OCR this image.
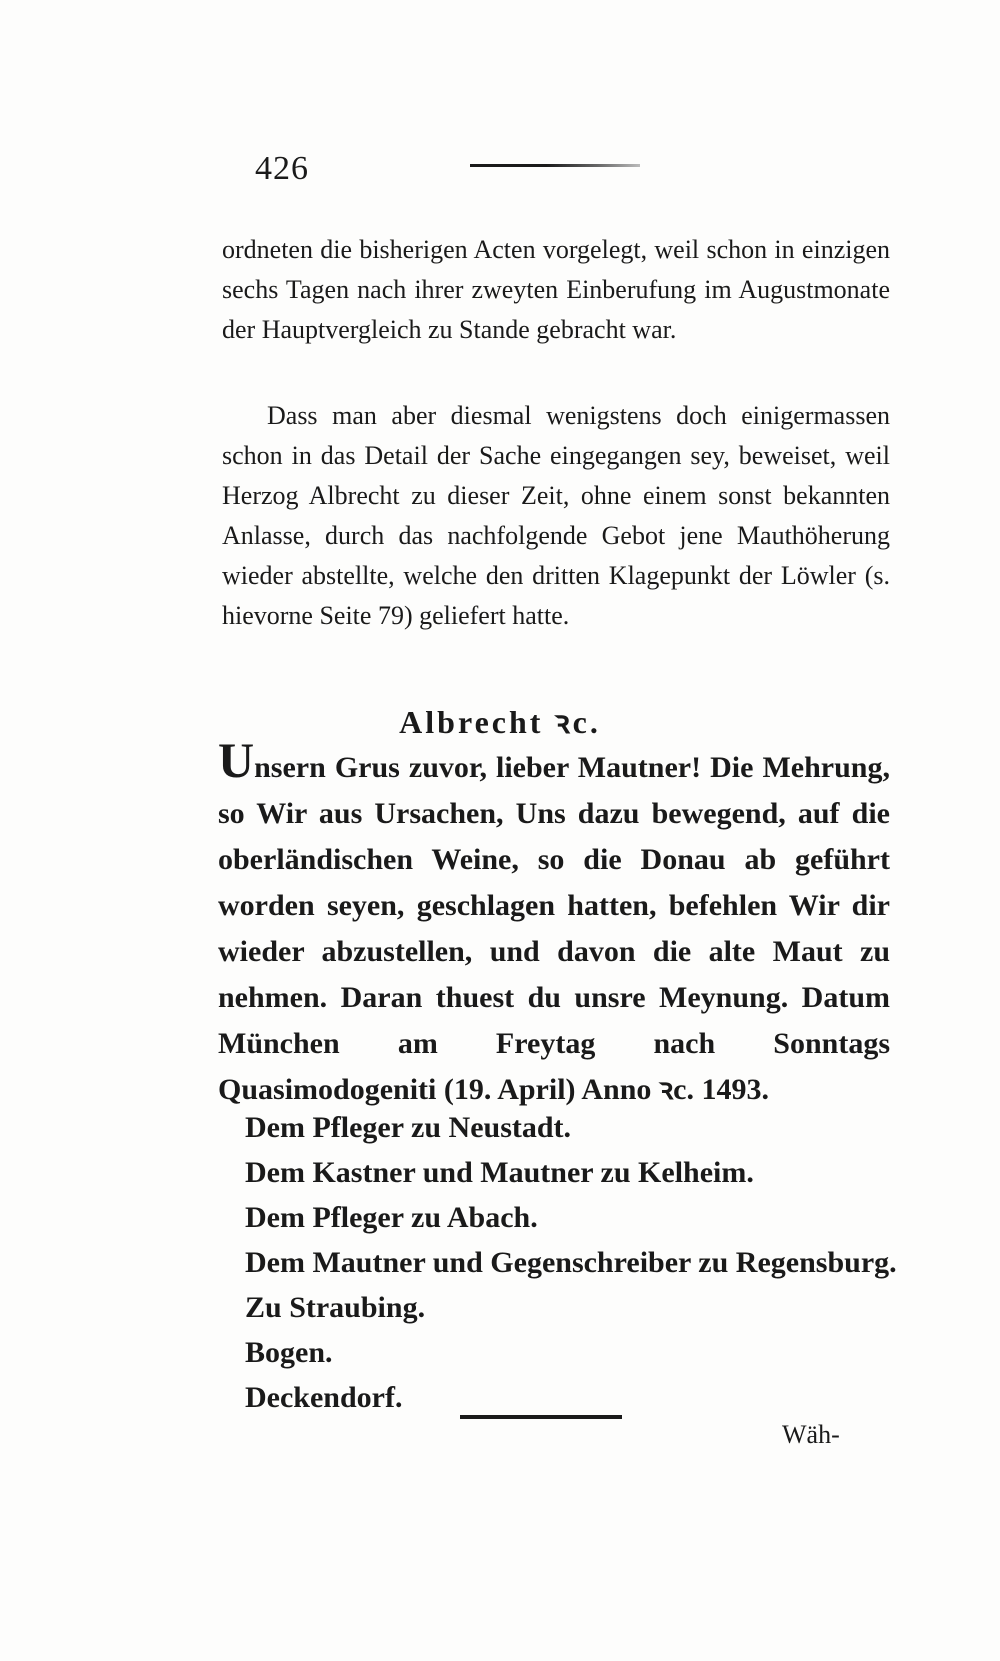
426

ordneten die bisherigen Acten vorgelegt, weil schon in einzigen sechs Tagen nach ihrer zweyten Einberufung im Augustmonate der Hauptvergleich zu Stande gebracht war.

Dass man aber diesmal wenigstens doch einigermassen schon in das Detail der Sache eingegangen sey, beweiset, weil Herzog Albrecht zu dieser Zeit, ohne einem sonst bekannten Anlasse, durch das nachfolgende Gebot jene Mauthöherung wieder abstellte, welche den dritten Klagepunkt der Löwler (s. hievorne Seite 79) geliefert hatte.

Albrecht ꝛc.

Unsern Grus zuvor, lieber Mautner! Die Mehrung, so Wir aus Ursachen, Uns dazu bewegend, auf die oberländischen Weine, so die Donau ab geführt worden seyen, geschlagen hatten, befehlen Wir dir wieder abzustellen, und davon die alte Maut zu nehmen. Daran thuest du unsre Meynung. Datum München am Freytag nach Sonntags Quasimodogeniti (19. April) Anno ꝛc. 1493.

Dem Pfleger zu Neustadt.
Dem Kastner und Mautner zu Kelheim.
Dem Pfleger zu Abach.
Dem Mautner und Gegenschreiber zu Regensburg.
Zu Straubing.
Bogen.
Deckendorf.
Wäh-
